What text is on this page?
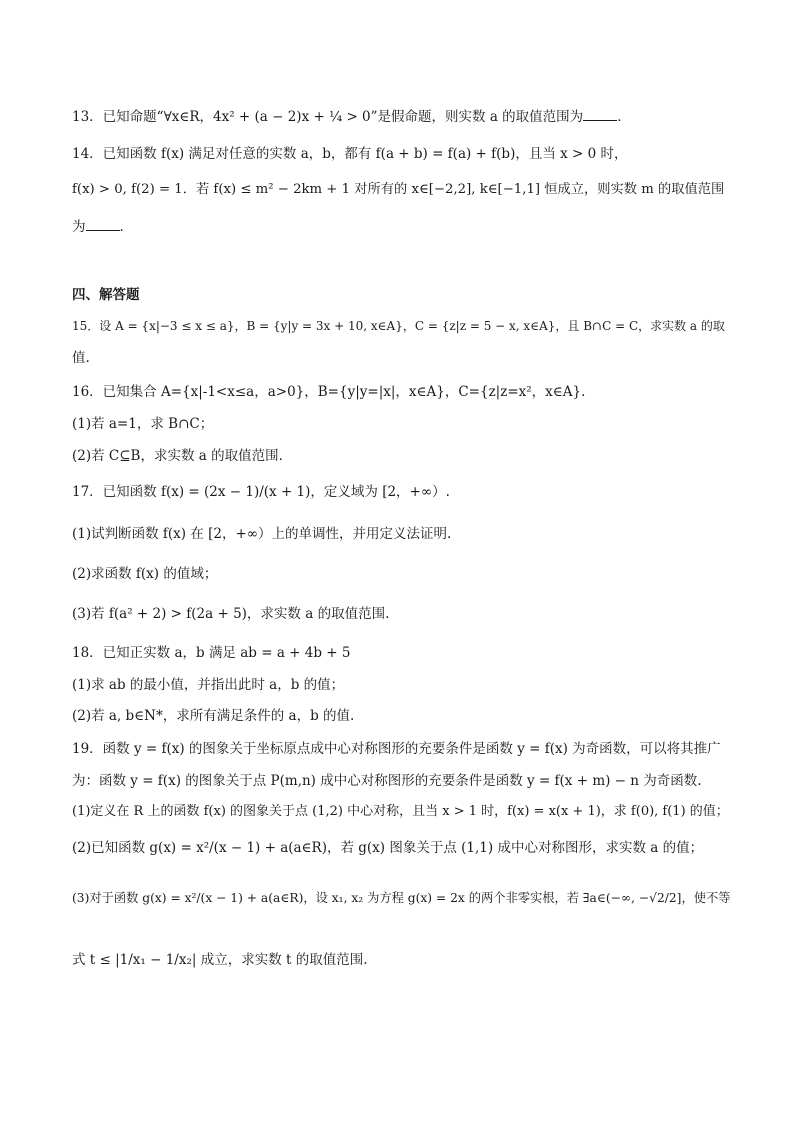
13．已知命题“∀x∈R，4x² + (a − 2)x + ¼ > 0”是假命题，则实数 a 的取值范围为	．
14．已知函数 f(x) 满足对任意的实数 a，b，都有 f(a + b) = f(a) + f(b)，且当 x > 0 时，
f(x) > 0, f(2) = 1．若 f(x) ≤ m² − 2km + 1 对所有的 x∈[−2,2], k∈[−1,1] 恒成立，则实数 m 的取值范围
为	．
四、解答题
15．设 A = {x|−3 ≤ x ≤ a}，B = {y|y = 3x + 10, x∈A}，C = {z|z = 5 − x, x∈A}，且 B∩C = C，求实数 a 的取
值.
16．已知集合 A={x|-1<x≤a，a>0}，B={y|y=|x|，x∈A}，C={z|z=x²，x∈A}.
(1)若 a=1，求 B∩C；
(2)若 C⊆B，求实数 a 的取值范围.
17．已知函数 f(x) = (2x − 1)/(x + 1)，定义域为 [2，+∞）.
(1)试判断函数 f(x) 在 [2，+∞）上的单调性，并用定义法证明.
(2)求函数 f(x) 的值域；
(3)若 f(a² + 2) > f(2a + 5)，求实数 a 的取值范围.
18．已知正实数 a，b 满足 ab = a + 4b + 5
(1)求 ab 的最小值，并指出此时 a，b 的值；
(2)若 a, b∈N*，求所有满足条件的 a，b 的值.
19．函数 y = f(x) 的图象关于坐标原点成中心对称图形的充要条件是函数 y = f(x) 为奇函数，可以将其推广
为：函数 y = f(x) 的图象关于点 P(m,n) 成中心对称图形的充要条件是函数 y = f(x + m) − n 为奇函数.
(1)定义在 R 上的函数 f(x) 的图象关于点 (1,2) 中心对称，且当 x > 1 时，f(x) = x(x + 1)，求 f(0), f(1) 的值；
(2)已知函数 g(x) = x²/(x − 1) + a(a∈R)，若 g(x) 图象关于点 (1,1) 成中心对称图形，求实数 a 的值；
(3)对于函数 g(x) = x²/(x − 1) + a(a∈R)，设 x₁, x₂ 为方程 g(x) = 2x 的两个非零实根，若 ∃a∈(−∞, −√2/2]，使不等
式 t ≤ |1/x₁ − 1/x₂| 成立，求实数 t 的取值范围.
